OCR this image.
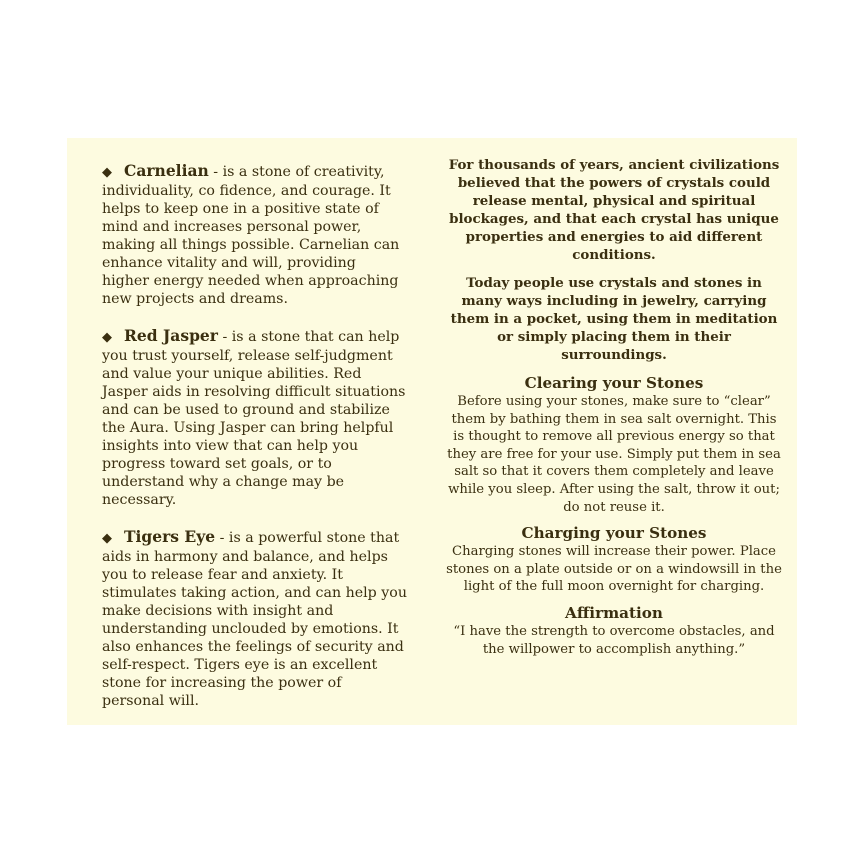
◆ Carnelian - is a stone of creativity, individuality, co fidence, and courage. It helps to keep one in a positive state of mind and increases personal power, making all things possible. Carnelian can enhance vitality and will, providing higher energy needed when approaching new projects and dreams.
◆ Red Jasper - is a stone that can help you trust yourself, release self-judgment and value your unique abilities. Red Jasper aids in resolving difficult situations and can be used to ground and stabilize the Aura. Using Jasper can bring helpful insights into view that can help you progress toward set goals, or to understand why a change may be necessary.
◆ Tigers Eye - is a powerful stone that aids in harmony and balance, and helps you to release fear and anxiety. It stimulates taking action, and can help you make decisions with insight and understanding unclouded by emotions. It also enhances the feelings of security and self-respect. Tigers eye is an excellent stone for increasing the power of personal will.

For thousands of years, ancient civilizations believed that the powers of crystals could release mental, physical and spiritual blockages, and that each crystal has unique properties and energies to aid different conditions.

Today people use crystals and stones in many ways including in jewelry, carrying them in a pocket, using them in meditation or simply placing them in their surroundings.

Clearing your Stones

Before using your stones, make sure to “clear” them by bathing them in sea salt overnight. This is thought to remove all previous energy so that they are free for your use. Simply put them in sea salt so that it covers them completely and leave while you sleep. After using the salt, throw it out; do not reuse it.

Charging your Stones

Charging stones will increase their power. Place stones on a plate outside or on a windowsill in the light of the full moon overnight for charging.

Affirmation

“I have the strength to overcome obstacles, and the willpower to accomplish anything.”
